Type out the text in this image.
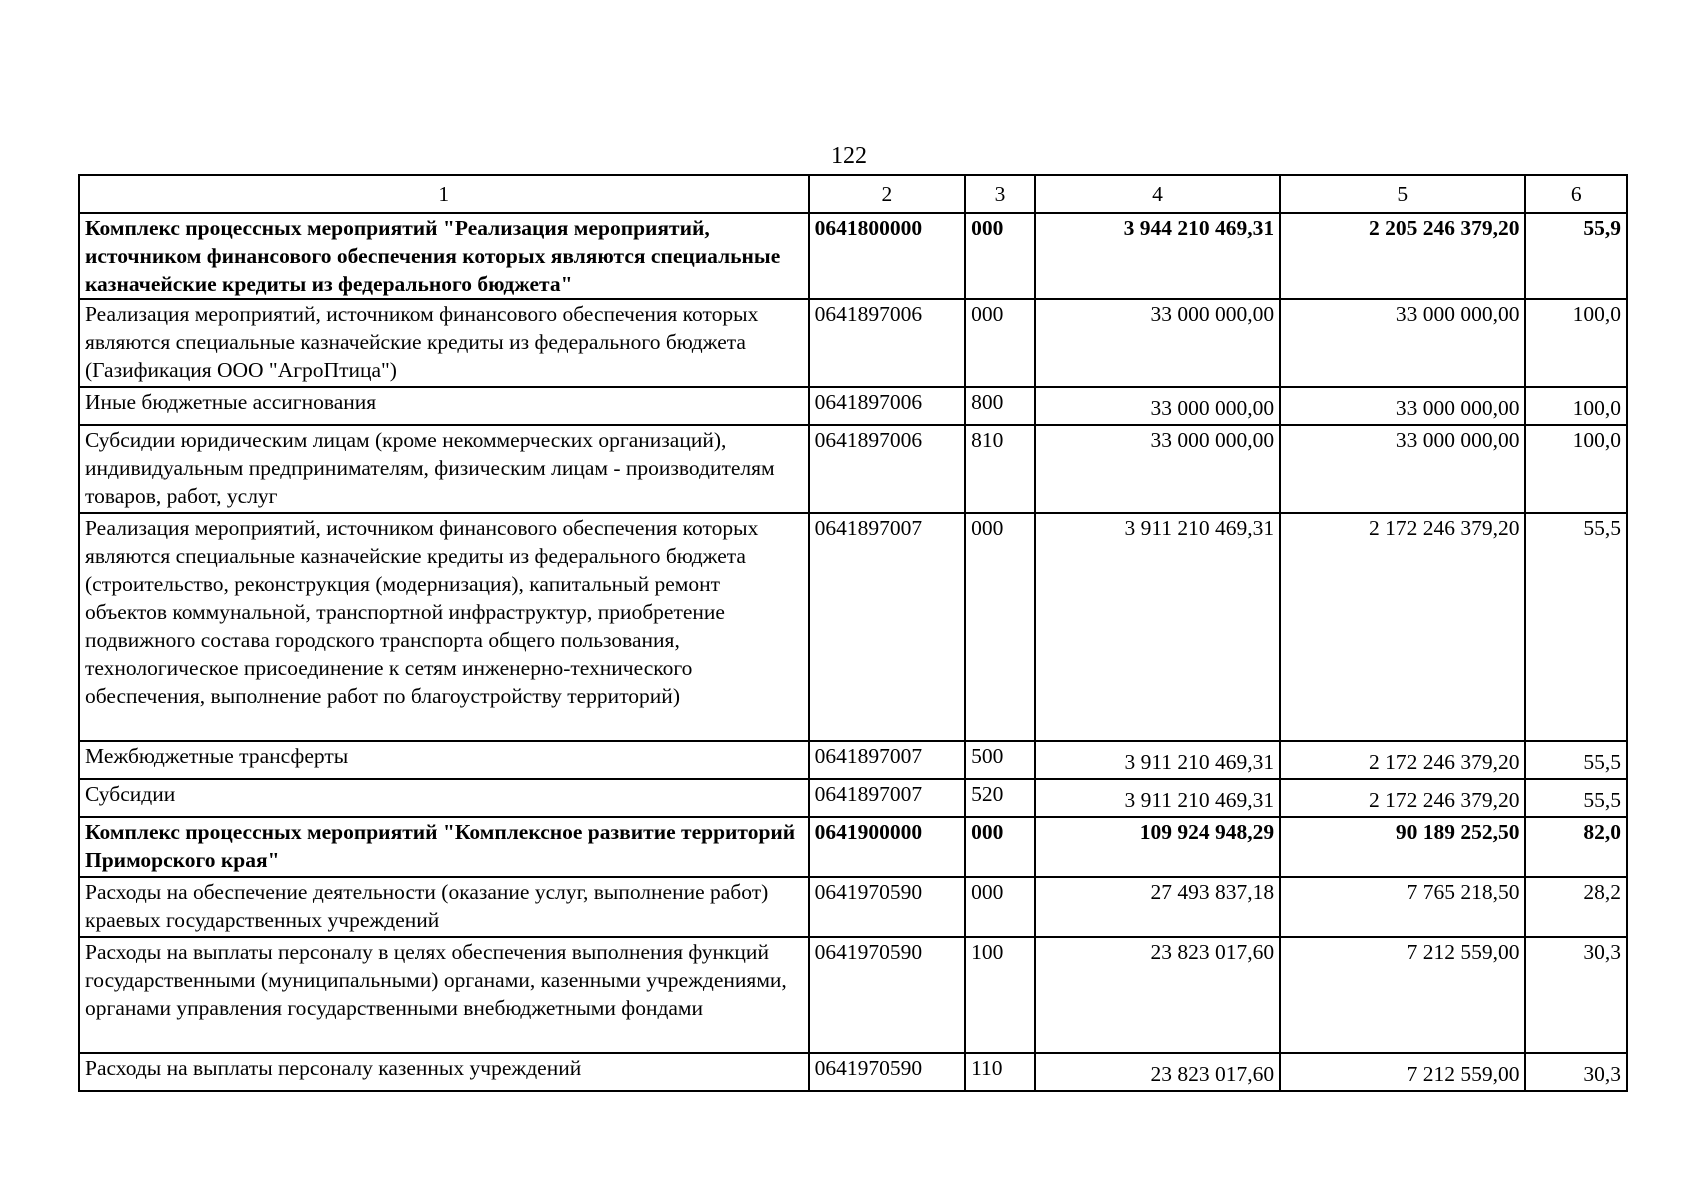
122
1	2	3	4	5	6
Комплекс процессных мероприятий "Реализация мероприятий, источником финансового обеспечения которых являются специальные казначейские кредиты из федерального бюджета"	0641800000	000	3 944 210 469,31	2 205 246 379,20	55,9
Реализация мероприятий, источником финансового обеспечения которых являются специальные казначейские кредиты из федерального бюджета (Газификация ООО "АгроПтица")	0641897006	000	33 000 000,00	33 000 000,00	100,0
Иные бюджетные ассигнования	0641897006	800	33 000 000,00	33 000 000,00	100,0
Субсидии юридическим лицам (кроме некоммерческих организаций), индивидуальным предпринимателям, физическим лицам - производителям товаров, работ, услуг	0641897006	810	33 000 000,00	33 000 000,00	100,0
Реализация мероприятий, источником финансового обеспечения которых являются специальные казначейские кредиты из федерального бюджета (строительство, реконструкция (модернизация), капитальный ремонт объектов коммунальной, транспортной инфраструктур, приобретение подвижного состава городского транспорта общего пользования, технологическое присоединение к сетям инженерно-технического обеспечения, выполнение работ по благоустройству территорий)	0641897007	000	3 911 210 469,31	2 172 246 379,20	55,5
Межбюджетные трансферты	0641897007	500	3 911 210 469,31	2 172 246 379,20	55,5
Субсидии	0641897007	520	3 911 210 469,31	2 172 246 379,20	55,5
Комплекс процессных мероприятий "Комплексное развитие территорий Приморского края"	0641900000	000	109 924 948,29	90 189 252,50	82,0
Расходы на обеспечение деятельности (оказание услуг, выполнение работ) краевых государственных учреждений	0641970590	000	27 493 837,18	7 765 218,50	28,2
Расходы на выплаты персоналу в целях обеспечения выполнения функций государственными (муниципальными) органами, казенными учреждениями, органами управления государственными внебюджетными фондами	0641970590	100	23 823 017,60	7 212 559,00	30,3
Расходы на выплаты персоналу казенных учреждений	0641970590	110	23 823 017,60	7 212 559,00	30,3
